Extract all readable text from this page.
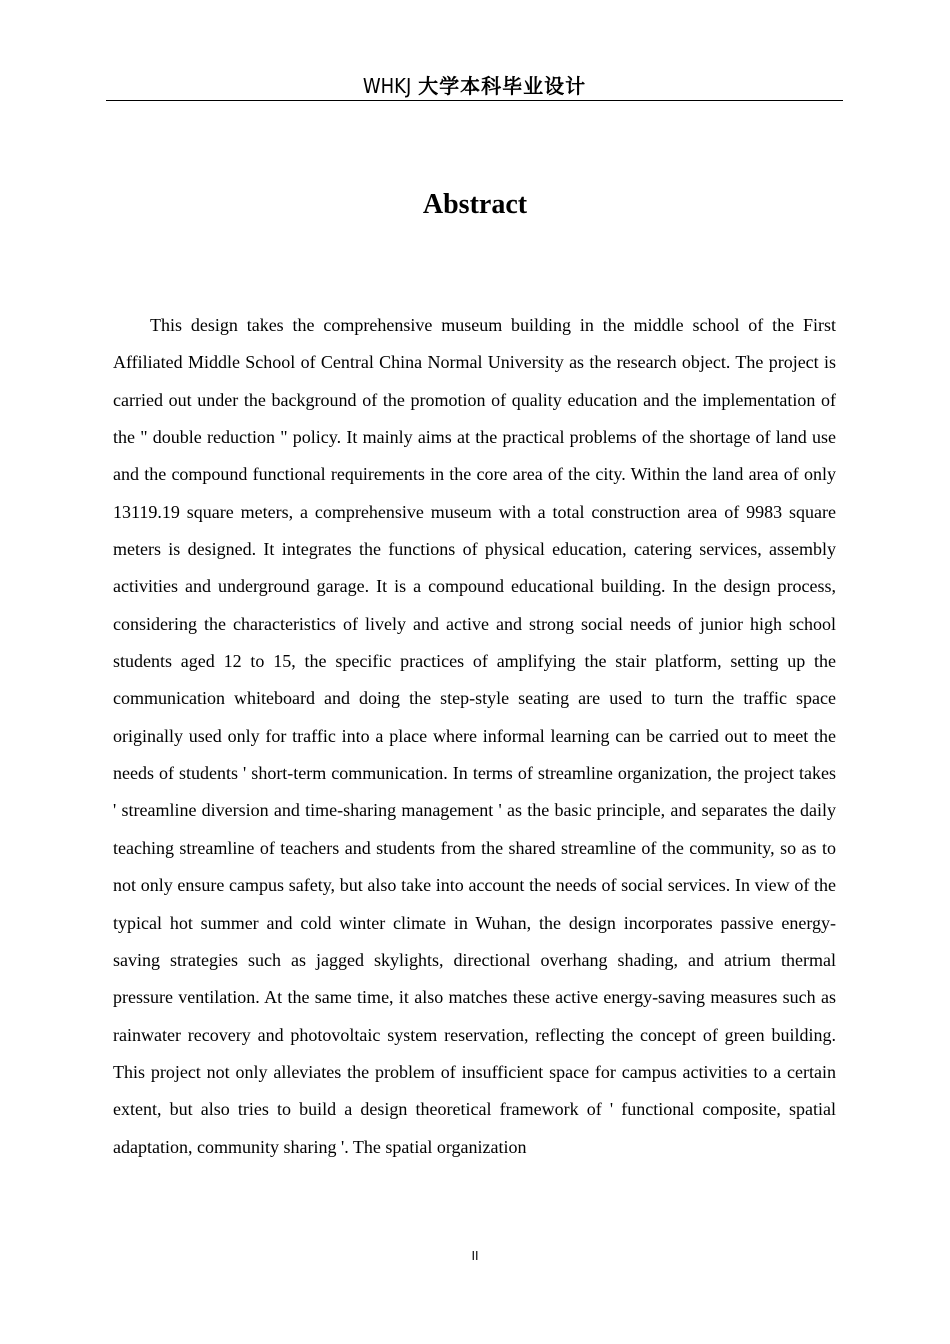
WHKJ 大学本科毕业设计
Abstract

This design takes the comprehensive museum building in the middle school of the First Affiliated Middle School of Central China Normal University as the research object. The project is carried out under the background of the promotion of quality education and the implementation of the " double reduction " policy. It mainly aims at the practical problems of the shortage of land use and the compound functional requirements in the core area of the city. Within the land area of only 13119.19 square meters, a comprehensive museum with a total construction area of 9983 square meters is designed. It integrates the functions of physical education, catering services, assembly activities and underground garage. It is a compound educational building. In the design process, considering the characteristics of lively and active and strong social needs of junior high school students aged 12 to 15, the specific practices of amplifying the stair platform, setting up the communication whiteboard and doing the step-style seating are used to turn the traffic space originally used only for traffic into a place where informal learning can be carried out to meet the needs of students ' short-term communication. In terms of streamline organization, the project takes ' streamline diversion and time-sharing management ' as the basic principle, and separates the daily teaching streamline of teachers and students from the shared streamline of the community, so as to not only ensure campus safety, but also take into account the needs of social services. In view of the typical hot summer and cold winter climate in Wuhan, the design incorporates passive energy-saving strategies such as jagged skylights, directional overhang shading, and atrium thermal pressure ventilation. At the same time, it also matches these active energy-saving measures such as rainwater recovery and photovoltaic system reservation, reflecting the concept of green building. This project not only alleviates the problem of insufficient space for campus activities to a certain extent, but also tries to build a design theoretical framework of ' functional composite, spatial adaptation, community sharing '. The spatial organization

II
